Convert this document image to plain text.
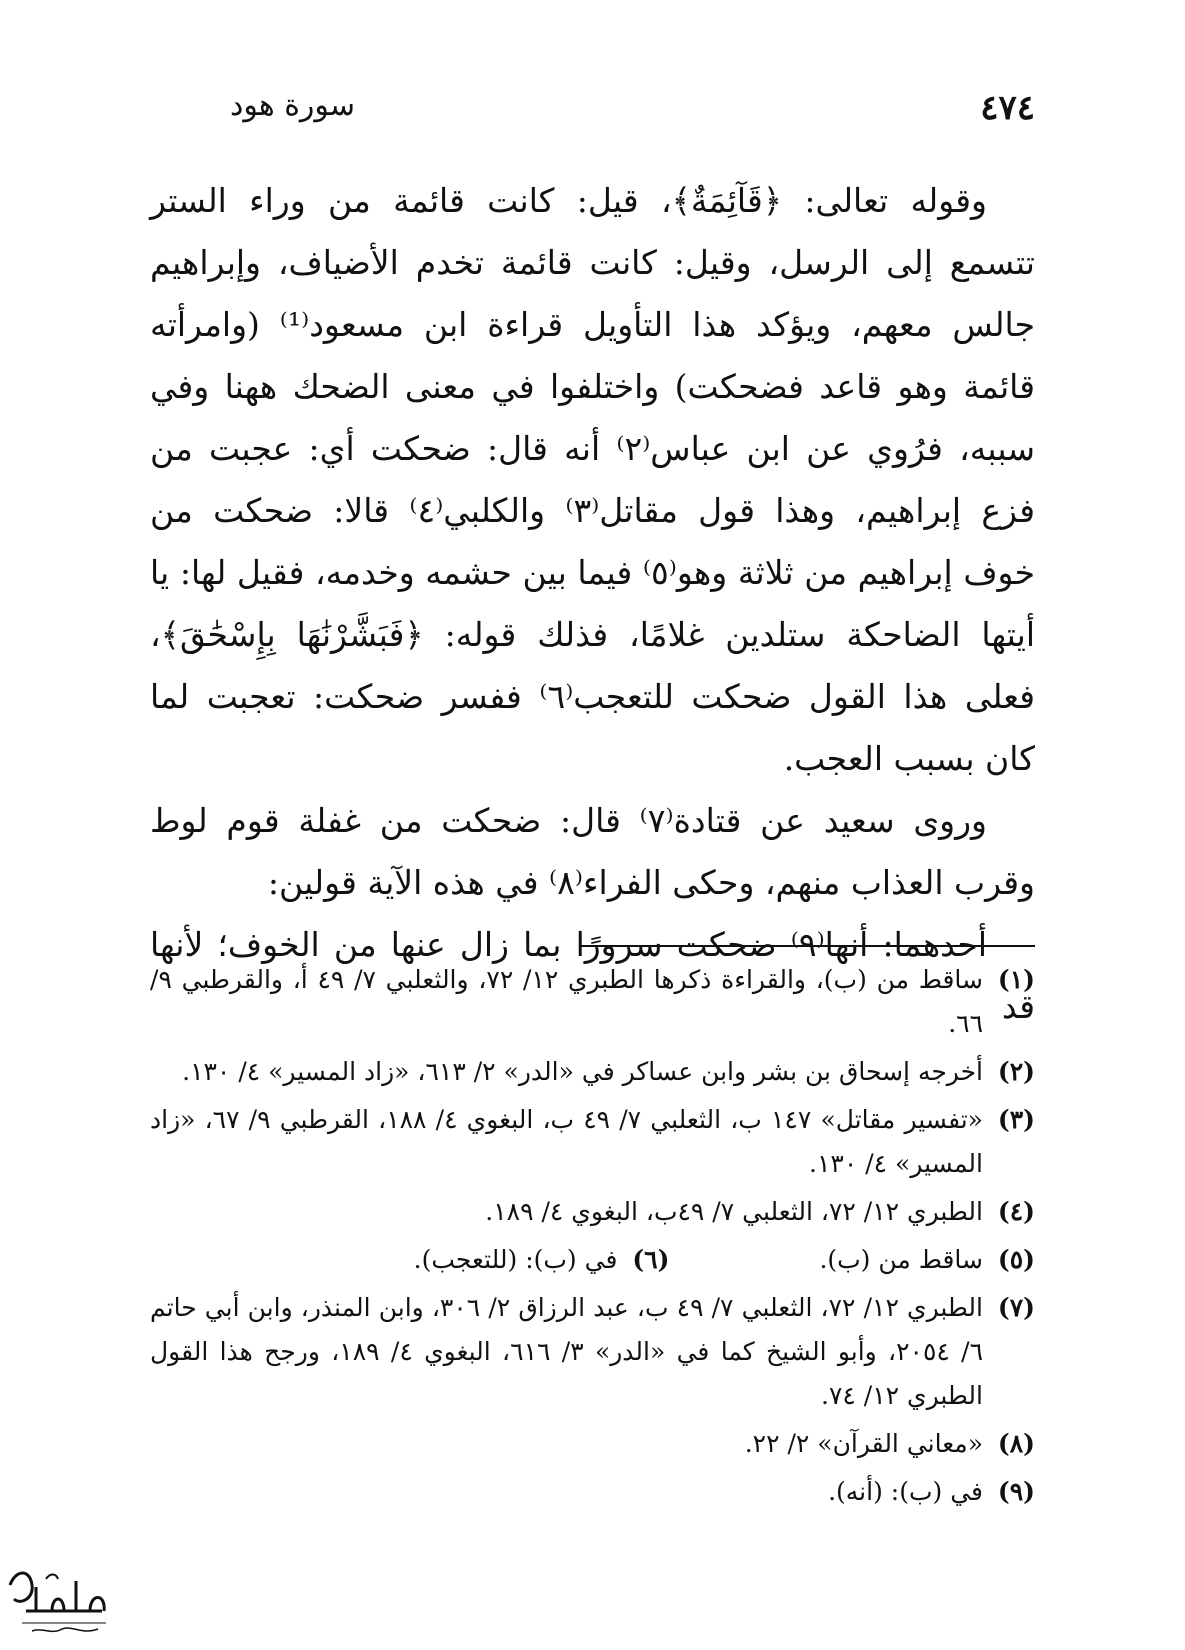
٤٧٤
سورة هود

وقوله تعالى: ﴿قَآئِمَةٌ﴾، قيل: كانت قائمة من وراء الستر تتسمع إلى الرسل، وقيل: كانت قائمة تخدم الأضياف، وإبراهيم جالس معهم، ويؤكد هذا التأويل قراءة ابن مسعود⁽¹⁾ (وامرأته قائمة وهو قاعد فضحكت) واختلفوا في معنى الضحك ههنا وفي سببه، فرُوي عن ابن عباس⁽٢⁾ أنه قال: ضحكت أي: عجبت من فزع إبراهيم، وهذا قول مقاتل⁽٣⁾ والكلبي⁽٤⁾ قالا: ضحكت من خوف إبراهيم من ثلاثة وهو⁽٥⁾ فيما بين حشمه وخدمه، فقيل لها: يا أيتها الضاحكة ستلدين غلامًا، فذلك قوله: ﴿فَبَشَّرْنَٰهَا بِإِسْحَٰقَ﴾، فعلى هذا القول ضحكت للتعجب⁽٦⁾ ففسر ضحكت: تعجبت لما كان بسبب العجب.

وروى سعيد عن قتادة⁽٧⁾ قال: ضحكت من غفلة قوم لوط وقرب العذاب منهم، وحكى الفراء⁽٨⁾ في هذه الآية قولين:

أحدهما: أنها⁽٩⁾ ضحكت سرورًا بما زال عنها من الخوف؛ لأنها قد

(١)
ساقط من (ب)، والقراءة ذكرها الطبري ١٢/ ٧٢، والثعلبي ٧/ ٤٩ أ، والقرطبي ٩/ ٦٦.
(٢)
أخرجه إسحاق بن بشر وابن عساكر في «الدر» ٢/ ٦١٣، «زاد المسير» ٤/ ١٣٠.
(٣)
«تفسير مقاتل» ١٤٧ ب، الثعلبي ٧/ ٤٩ ب، البغوي ٤/ ١٨٨، القرطبي ٩/ ٦٧، «زاد المسير» ٤/ ١٣٠.
(٤)
الطبري ١٢/ ٧٢، الثعلبي ٧/ ٤٩ب، البغوي ٤/ ١٨٩.
(٥)
ساقط من (ب).
(٦)
في (ب): (للتعجب).
(٧)
الطبري ١٢/ ٧٢، الثعلبي ٧/ ٤٩ ب، عبد الرزاق ٢/ ٣٠٦، وابن المنذر، وابن أبي حاتم ٦/ ٢٠٥٤، وأبو الشيخ كما في «الدر» ٣/ ٦١٦، البغوي ٤/ ١٨٩، ورجح هذا القول الطبري ١٢/ ٧٤.
(٨)
«معاني القرآن» ٢/ ٢٢.
(٩)
في (ب): (أنه).
